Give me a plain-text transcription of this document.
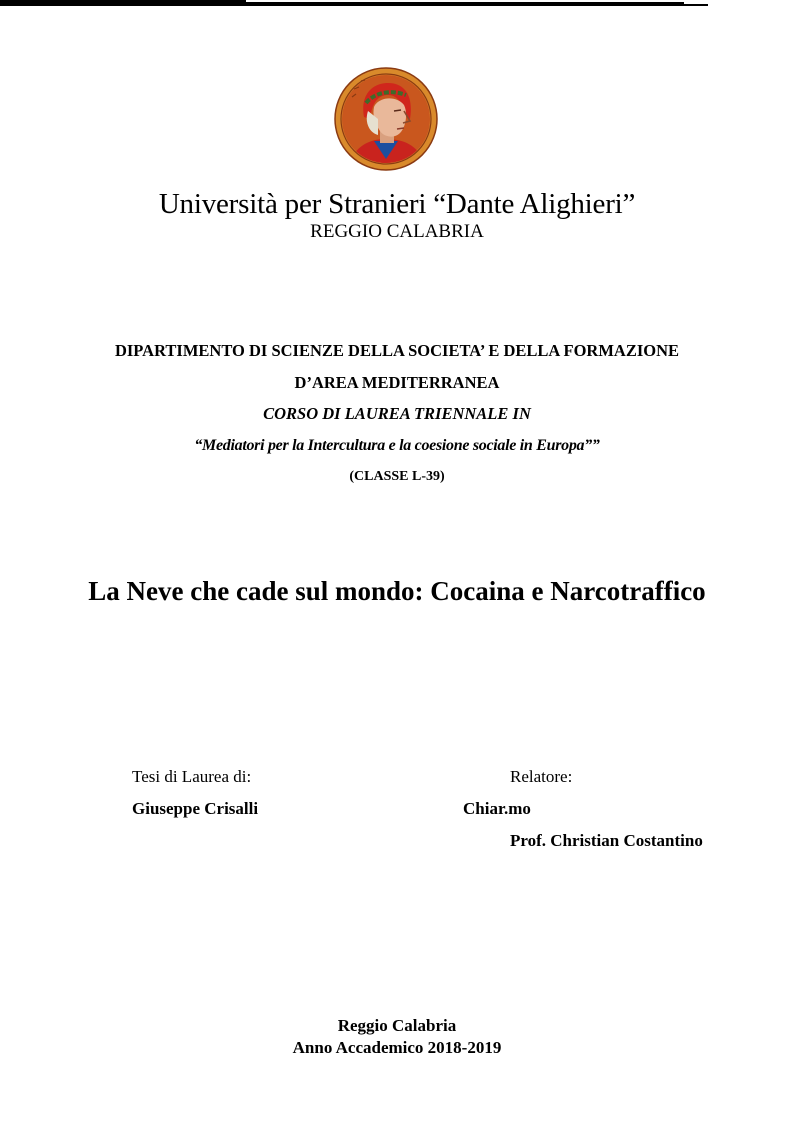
Università per Stranieri “Dante Alighieri”
REGGIO CALABRIA
DIPARTIMENTO DI SCIENZE DELLA SOCIETA’ E DELLA FORMAZIONE
D’AREA MEDITERRANEA
CORSO DI LAUREA TRIENNALE IN
“Mediatori per la Intercultura e la coesione sociale in Europa””
(CLASSE L-39)
La Neve che cade sul mondo: Cocaina e Narcotraffico
Tesi di Laurea di:	Relatore:
Giuseppe Crisalli	Chiar.mo
Prof. Christian Costantino
Reggio Calabria
Anno Accademico 2018-2019
